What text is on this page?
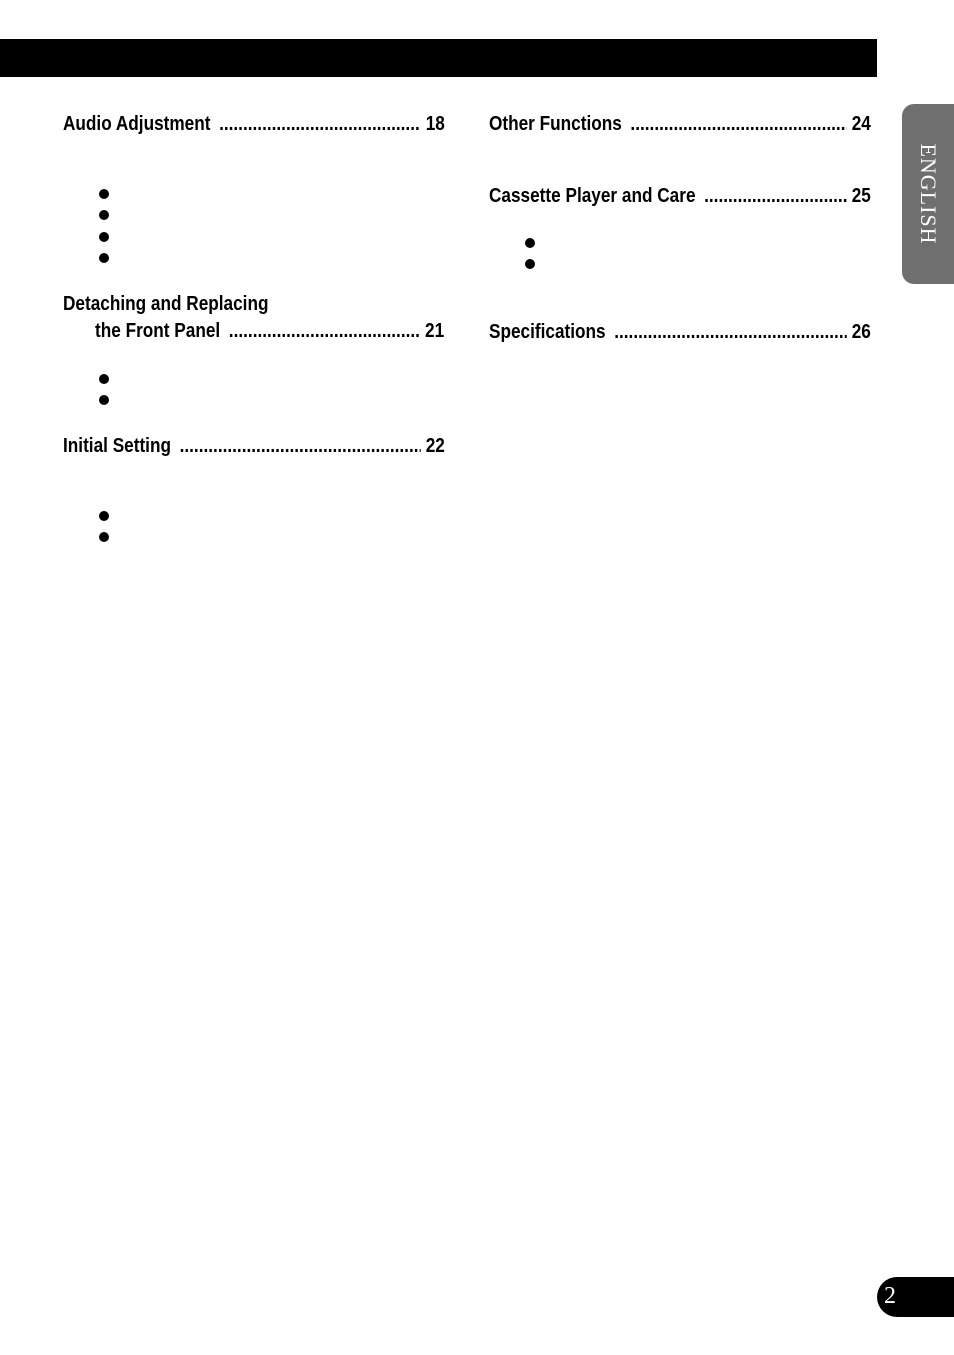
ENGLISH
Audio Adjustment .....	18
Detaching and Replacing
the Front Panel .....	21
Initial Setting .....	22
Other Functions .....	24
Cassette Player and Care .....	25
Specifications .....	26
2
